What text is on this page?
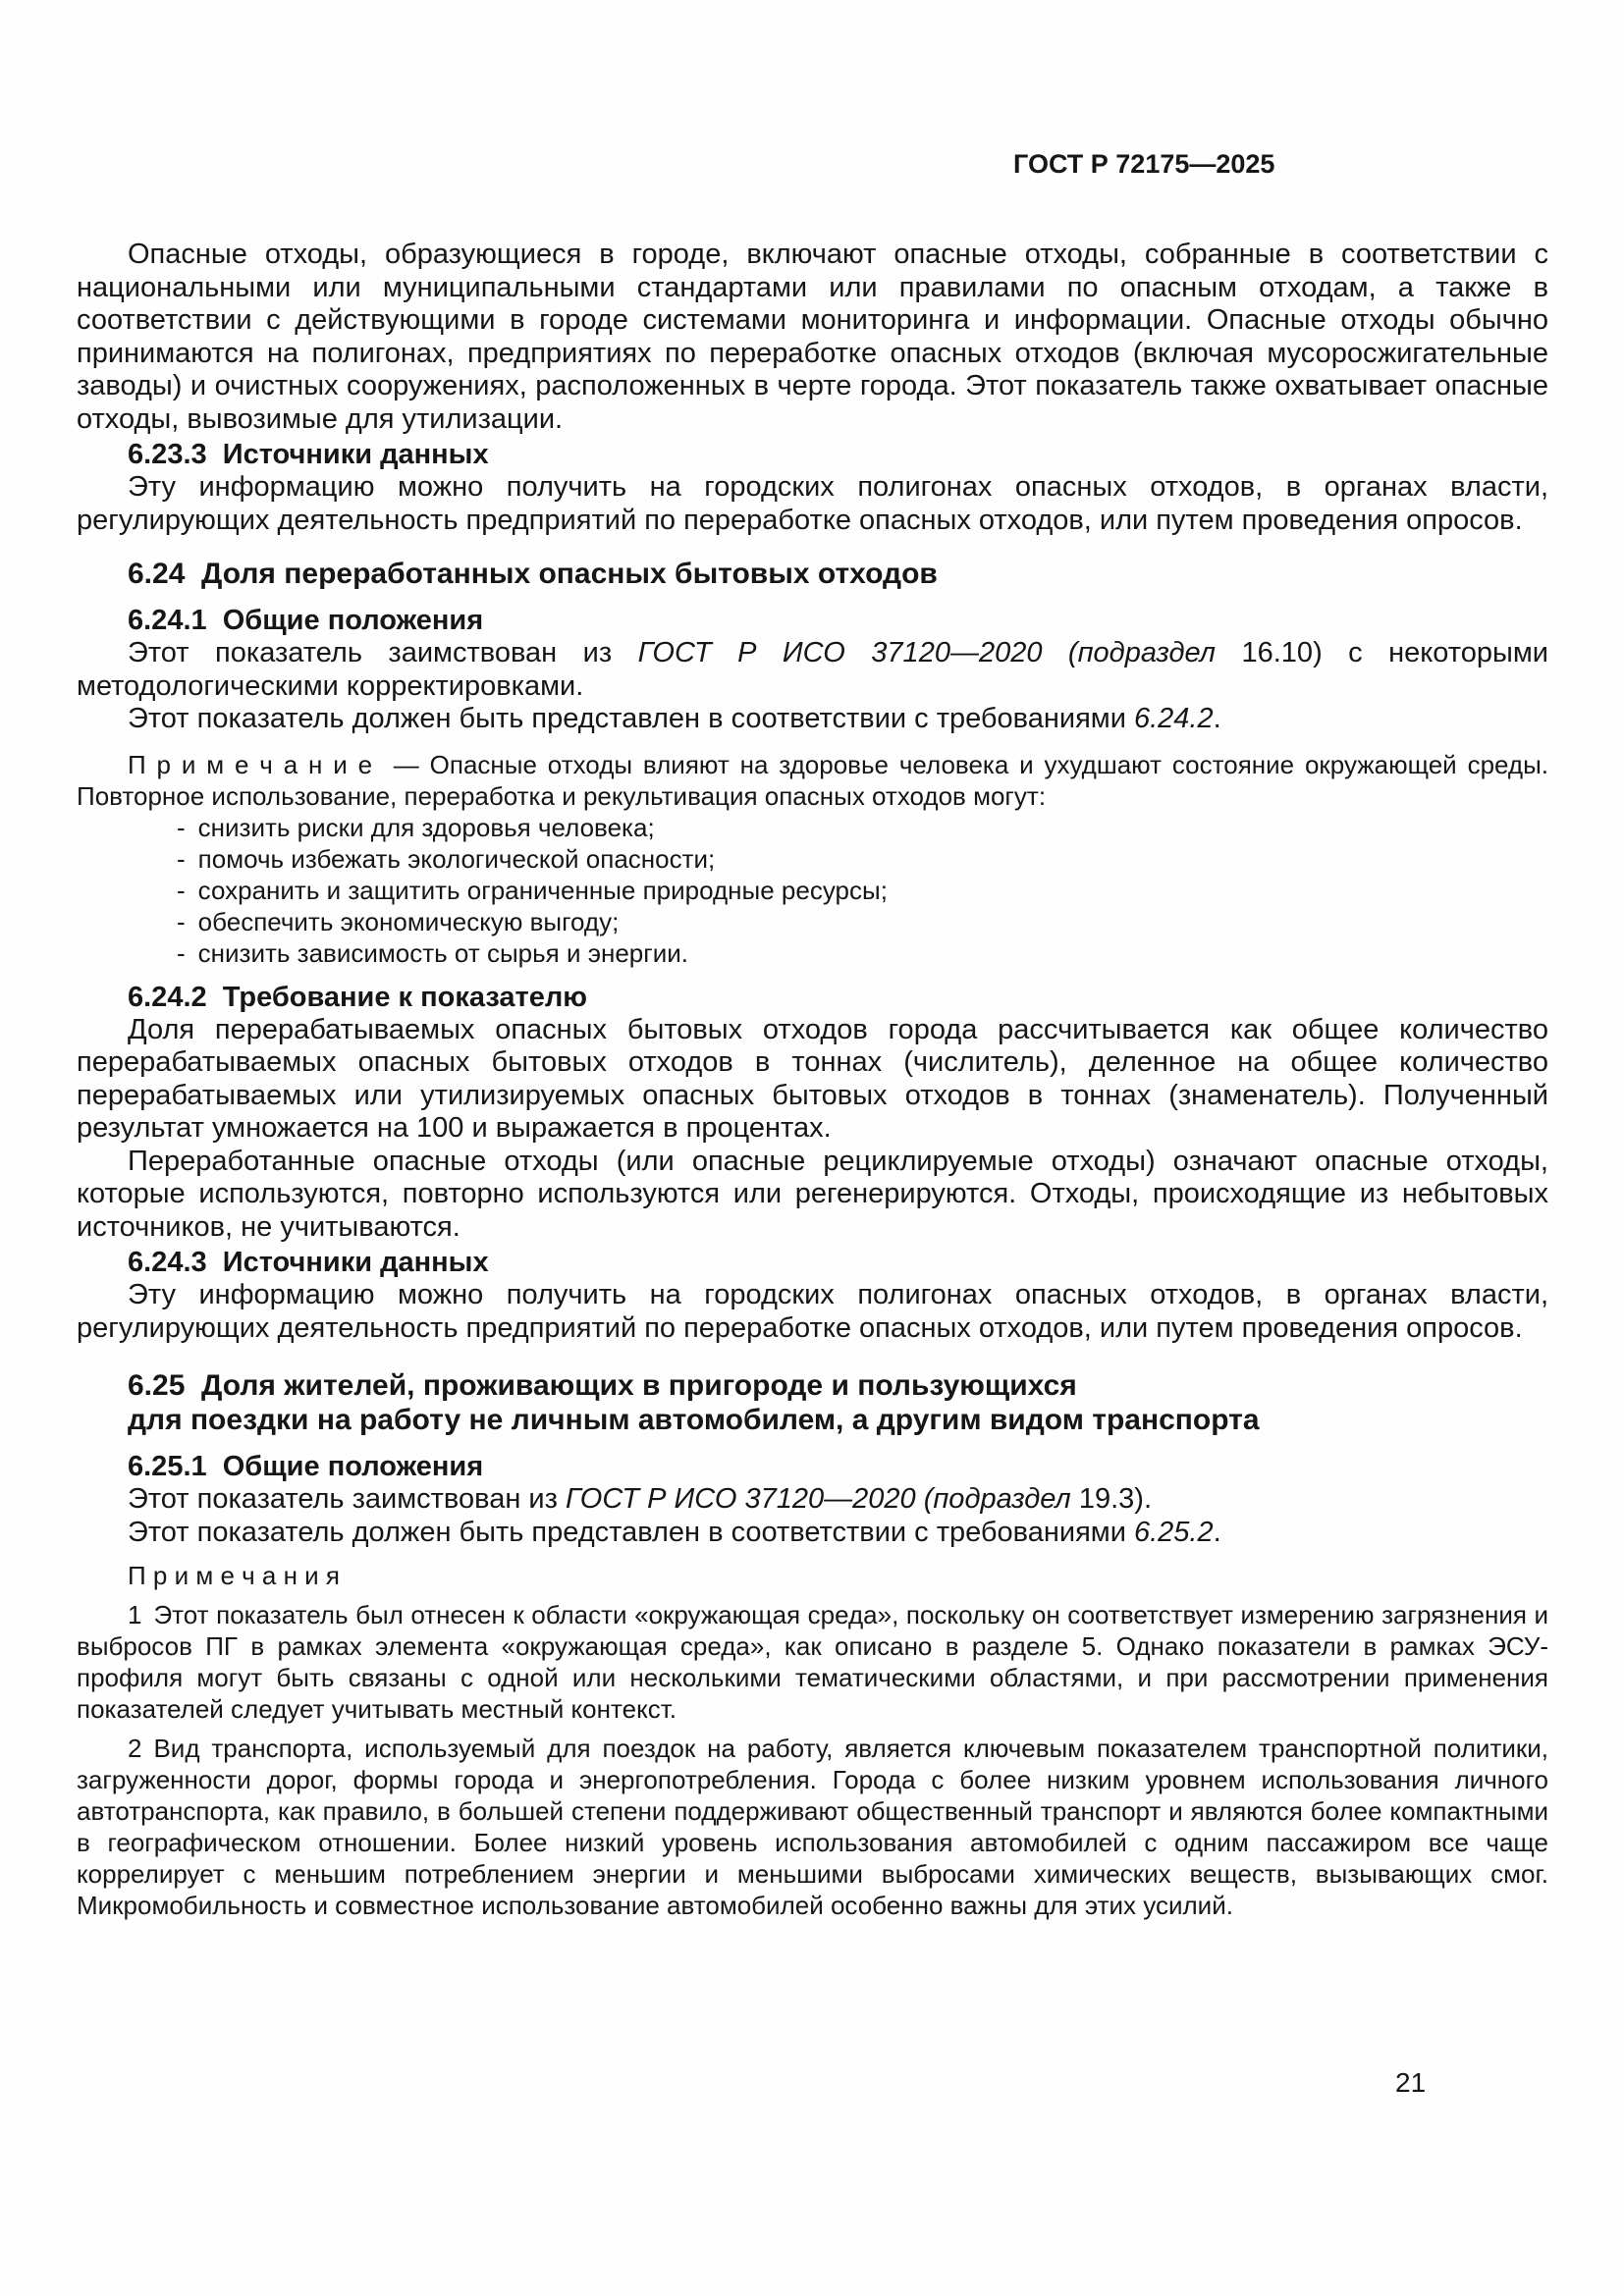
ГОСТ Р 72175—2025

Опасные отходы, образующиеся в городе, включают опасные отходы, собранные в соответствии с национальными или муниципальными стандартами или правилами по опасным отходам, а также в соответствии с действующими в городе системами мониторинга и информации. Опасные отходы обычно принимаются на полигонах, предприятиях по переработке опасных отходов (включая мусоросжигательные заводы) и очистных сооружениях, расположенных в черте города. Этот показатель также охватывает опасные отходы, вывозимые для утилизации.

6.23.3  Источники данных

Эту информацию можно получить на городских полигонах опасных отходов, в органах власти, регулирующих деятельность предприятий по переработке опасных отходов, или путем проведения опросов.

6.24  Доля переработанных опасных бытовых отходов
6.24.1  Общие положения

Этот показатель заимствован из ГОСТ Р ИСО 37120—2020 (подраздел 16.10) с некоторыми методологическими корректировками.

Этот показатель должен быть представлен в соответствии с требованиями 6.24.2.

П р и м е ч а н и е  — Опасные отходы влияют на здоровье человека и ухудшают состояние окружающей среды. Повторное использование, переработка и рекультивация опасных отходов могут:

- снизить риски для здоровья человека;
- помочь избежать экологической опасности;
- сохранить и защитить ограниченные природные ресурсы;
- обеспечить экономическую выгоду;
- снизить зависимость от сырья и энергии.
6.24.2  Требование к показателю

Доля перерабатываемых опасных бытовых отходов города рассчитывается как общее количество перерабатываемых опасных бытовых отходов в тоннах (числитель), деленное на общее количество перерабатываемых или утилизируемых опасных бытовых отходов в тоннах (знаменатель). Полученный результат умножается на 100 и выражается в процентах.

Переработанные опасные отходы (или опасные рециклируемые отходы) означают опасные отходы, которые используются, повторно используются или регенерируются. Отходы, происходящие из небытовых источников, не учитываются.

6.24.3  Источники данных

Эту информацию можно получить на городских полигонах опасных отходов, в органах власти, регулирующих деятельность предприятий по переработке опасных отходов, или путем проведения опросов.

6.25  Доля жителей, проживающих в пригороде и пользующихся
для поездки на работу не личным автомобилем, а другим видом транспорта
6.25.1  Общие положения

Этот показатель заимствован из ГОСТ Р ИСО 37120—2020 (подраздел 19.3).

Этот показатель должен быть представлен в соответствии с требованиями 6.25.2.

П р и м е ч а н и я

1 Этот показатель был отнесен к области «окружающая среда», поскольку он соответствует измерению загрязнения и выбросов ПГ в рамках элемента «окружающая среда», как описано в разделе 5. Однако показатели в рамках ЭСУ-профиля могут быть связаны с одной или несколькими тематическими областями, и при рассмотрении применения показателей следует учитывать местный контекст.

2 Вид транспорта, используемый для поездок на работу, является ключевым показателем транспортной политики, загруженности дорог, формы города и энергопотребления. Города с более низким уровнем использования личного автотранспорта, как правило, в большей степени поддерживают общественный транспорт и являются более компактными в географическом отношении. Более низкий уровень использования автомобилей с одним пассажиром все чаще коррелирует с меньшим потреблением энергии и меньшими выбросами химических веществ, вызывающих смог. Микромобильность и совместное использование автомобилей особенно важны для этих усилий.

21
